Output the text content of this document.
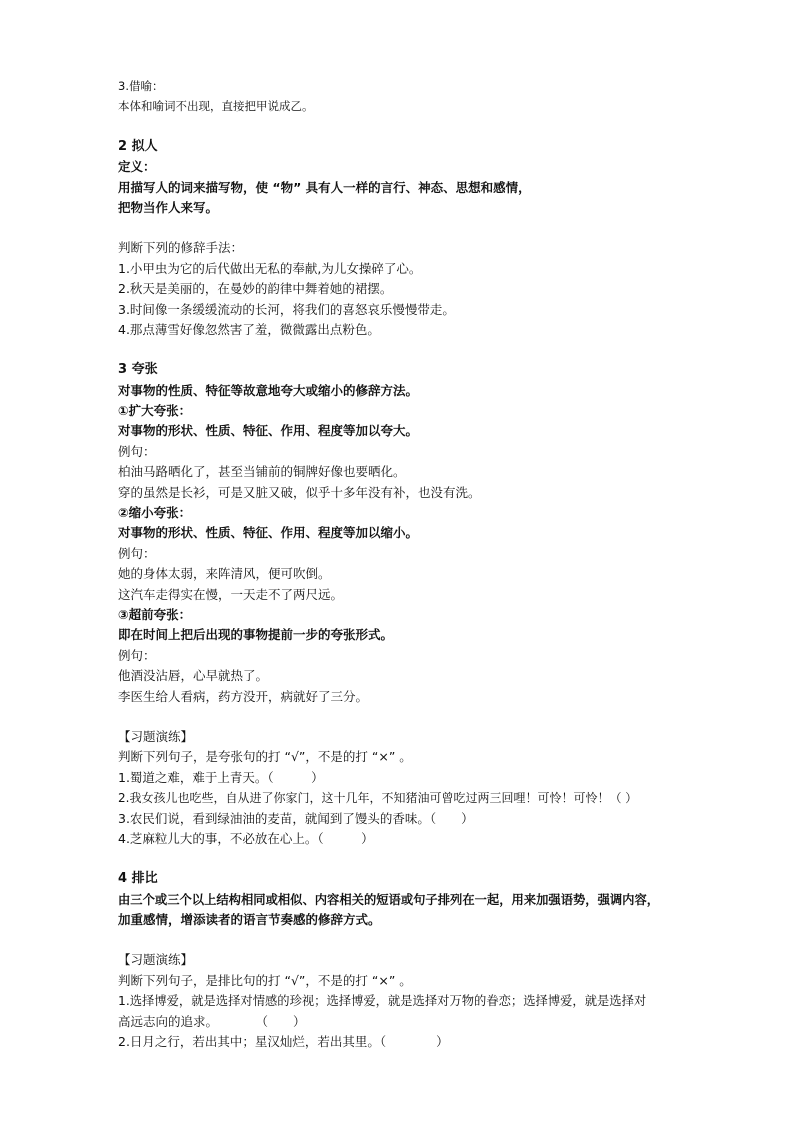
3.借喻：
本体和喻词不出现，直接把甲说成乙。
2 拟人
定义：
用描写人的词来描写物，使 “物” 具有人一样的言行、神态、思想和感情，
把物当作人来写。
判断下列的修辞手法：
1.小甲虫为它的后代做出无私的奉献,为儿女操碎了心。
2.秋天是美丽的，在曼妙的韵律中舞着她的裙摆。
3.时间像一条缓缓流动的长河，将我们的喜怒哀乐慢慢带走。
4.那点薄雪好像忽然害了羞，微微露出点粉色。
3 夸张
对事物的性质、特征等故意地夸大或缩小的修辞方法。
①扩大夸张：
对事物的形状、性质、特征、作用、程度等加以夸大。
例句：
柏油马路晒化了，甚至当铺前的铜牌好像也要晒化。
穿的虽然是长衫，可是又脏又破，似乎十多年没有补，也没有洗。
②缩小夸张：
对事物的形状、性质、特征、作用、程度等加以缩小。
例句：
她的身体太弱，来阵清风，便可吹倒。
这汽车走得实在慢，一天走不了两尺远。
③超前夸张：
即在时间上把后出现的事物提前一步的夸张形式。
例句：
他酒没沾唇，心早就热了。
李医生给人看病，药方没开，病就好了三分。
【习题演练】
判断下列句子，是夸张句的打 “√”，不是的打 “×” 。
1.蜀道之难，难于上青天。（　　　）
2.我女孩儿也吃些，自从进了你家门，这十几年，不知猪油可曾吃过两三回哩！可怜！可怜！（ ）
3.农民们说，看到绿油油的麦苗，就闻到了馒头的香味。（　　）
4.芝麻粒儿大的事，不必放在心上。（　　　）
4 排比
由三个或三个以上结构相同或相似、内容相关的短语或句子排列在一起，用来加强语势，强调内容，
加重感情，增添读者的语言节奏感的修辞方式。
【习题演练】
判断下列句子，是排比句的打 “√”，不是的打 “×” 。
1.选择博爱，就是选择对情感的珍视；选择博爱，就是选择对万物的眷恋；选择博爱，就是选择对
高远志向的追求。　　　　（　　）
2.日月之行，若出其中；星汉灿烂，若出其里。（　　　　）
